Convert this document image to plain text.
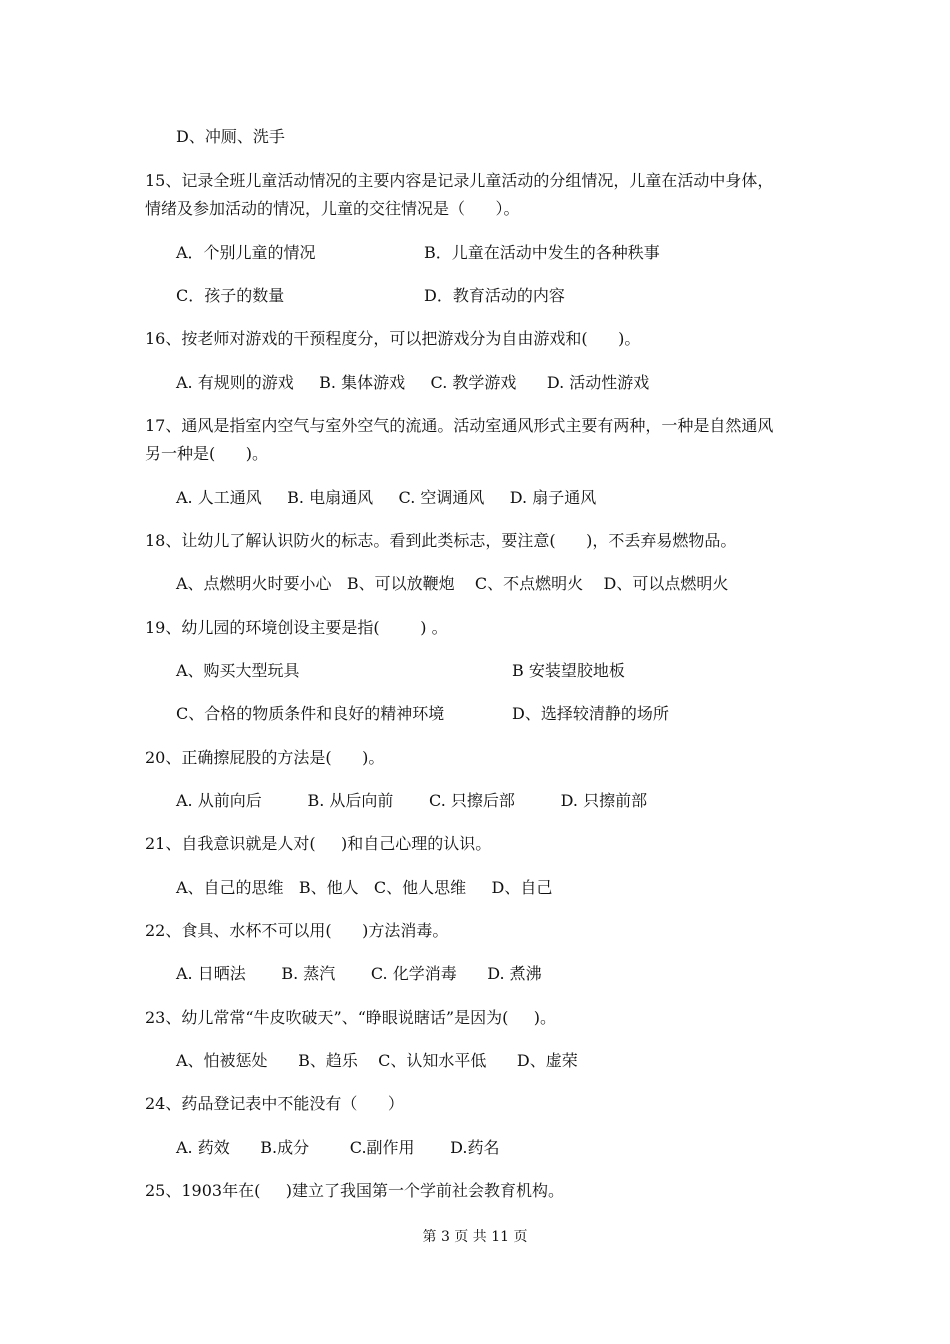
D、冲厕、洗手
15、记录全班儿童活动情况的主要内容是记录儿童活动的分组情况，儿童在活动中身体，
情绪及参加活动的情况，儿童的交往情况是（      ）。
A．个别儿童的情况	B．儿童在活动中发生的各种秩事
C．孩子的数量	D．教育活动的内容
16、按老师对游戏的干预程度分，可以把游戏分为自由游戏和(      )。
A. 有规则的游戏     B. 集体游戏     C. 教学游戏      D. 活动性游戏
17、通风是指室内空气与室外空气的流通。活动室通风形式主要有两种，一种是自然通风
另一种是(      )。
A. 人工通风     B. 电扇通风     C. 空调通风     D. 扇子通风
18、让幼儿了解认识防火的标志。看到此类标志，要注意(      )，不丢弃易燃物品。
A、点燃明火时要小心   B、可以放鞭炮    C、不点燃明火    D、可以点燃明火
19、幼儿园的环境创设主要是指(        ) 。
A、购买大型玩具	B 安装望胶地板
C、合格的物质条件和良好的精神环境	D、选择较清静的场所
20、正确擦屁股的方法是(      )。
A. 从前向后         B. 从后向前       C. 只擦后部         D. 只擦前部
21、自我意识就是人对(     )和自己心理的认识。
A、自己的思维   B、他人   C、他人思维     D、自己
22、食具、水杯不可以用(      )方法消毒。
A. 日晒法       B. 蒸汽       C. 化学消毒      D. 煮沸
23、幼儿常常“牛皮吹破天”、“睁眼说瞎话”是因为(     )。
A、怕被惩处      B、趋乐    C、认知水平低      D、虚荣
24、药品登记表中不能没有（      ）
A. 药效      B.成分        C.副作用       D.药名
25、1903年在(     )建立了我国第一个学前社会教育机构。
第 3 页 共 11 页
